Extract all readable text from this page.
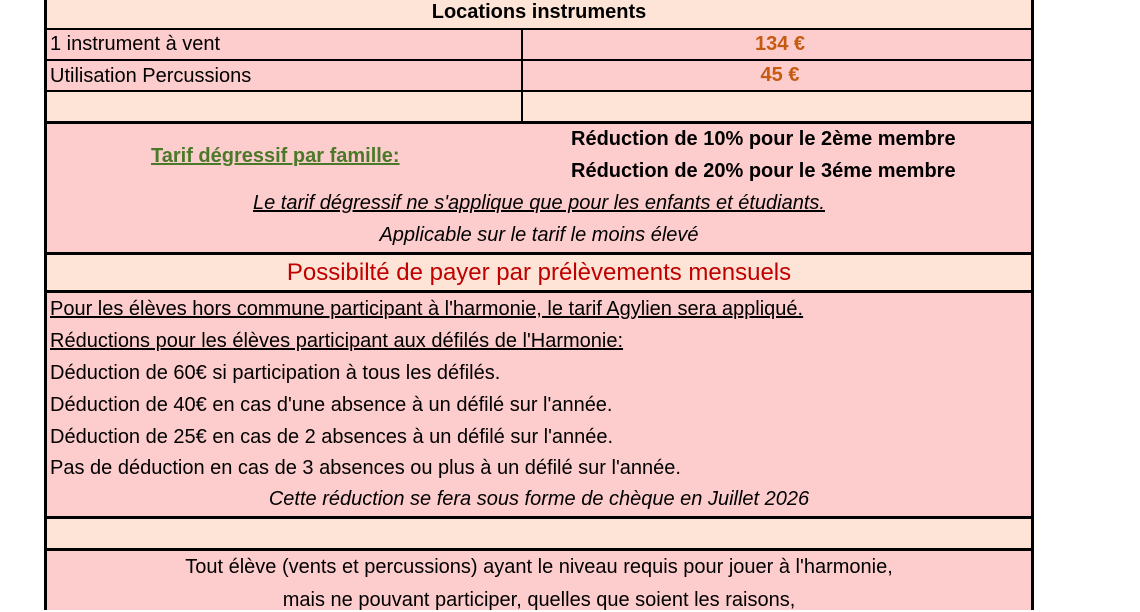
Locations instruments
1 instrument à vent	134 €
Utilisation Percussions	45 €
Tarif dégressif par famille:
Réduction de 10% pour le 2ème membre
Réduction de 20% pour le 3éme membre
Le tarif dégressif ne s'applique que pour les enfants et étudiants.
Applicable sur le tarif le moins élevé
Possibilté de payer par prélèvements mensuels
Pour les élèves hors commune participant à l'harmonie, le tarif Agylien sera appliqué.
Réductions pour les élèves participant aux défilés de l'Harmonie:
Déduction de 60€ si participation à tous les défilés.
Déduction de 40€ en cas d'une absence à un défilé sur l'année.
Déduction de 25€ en cas de 2 absences à un défilé sur l'année.
Pas de déduction en cas de 3 absences ou plus à un défilé sur l'année.
Cette réduction se fera sous forme de chèque en Juillet 2026
Tout élève (vents et percussions) ayant le niveau requis pour jouer à l'harmonie,
mais ne pouvant participer, quelles que soient les raisons,
